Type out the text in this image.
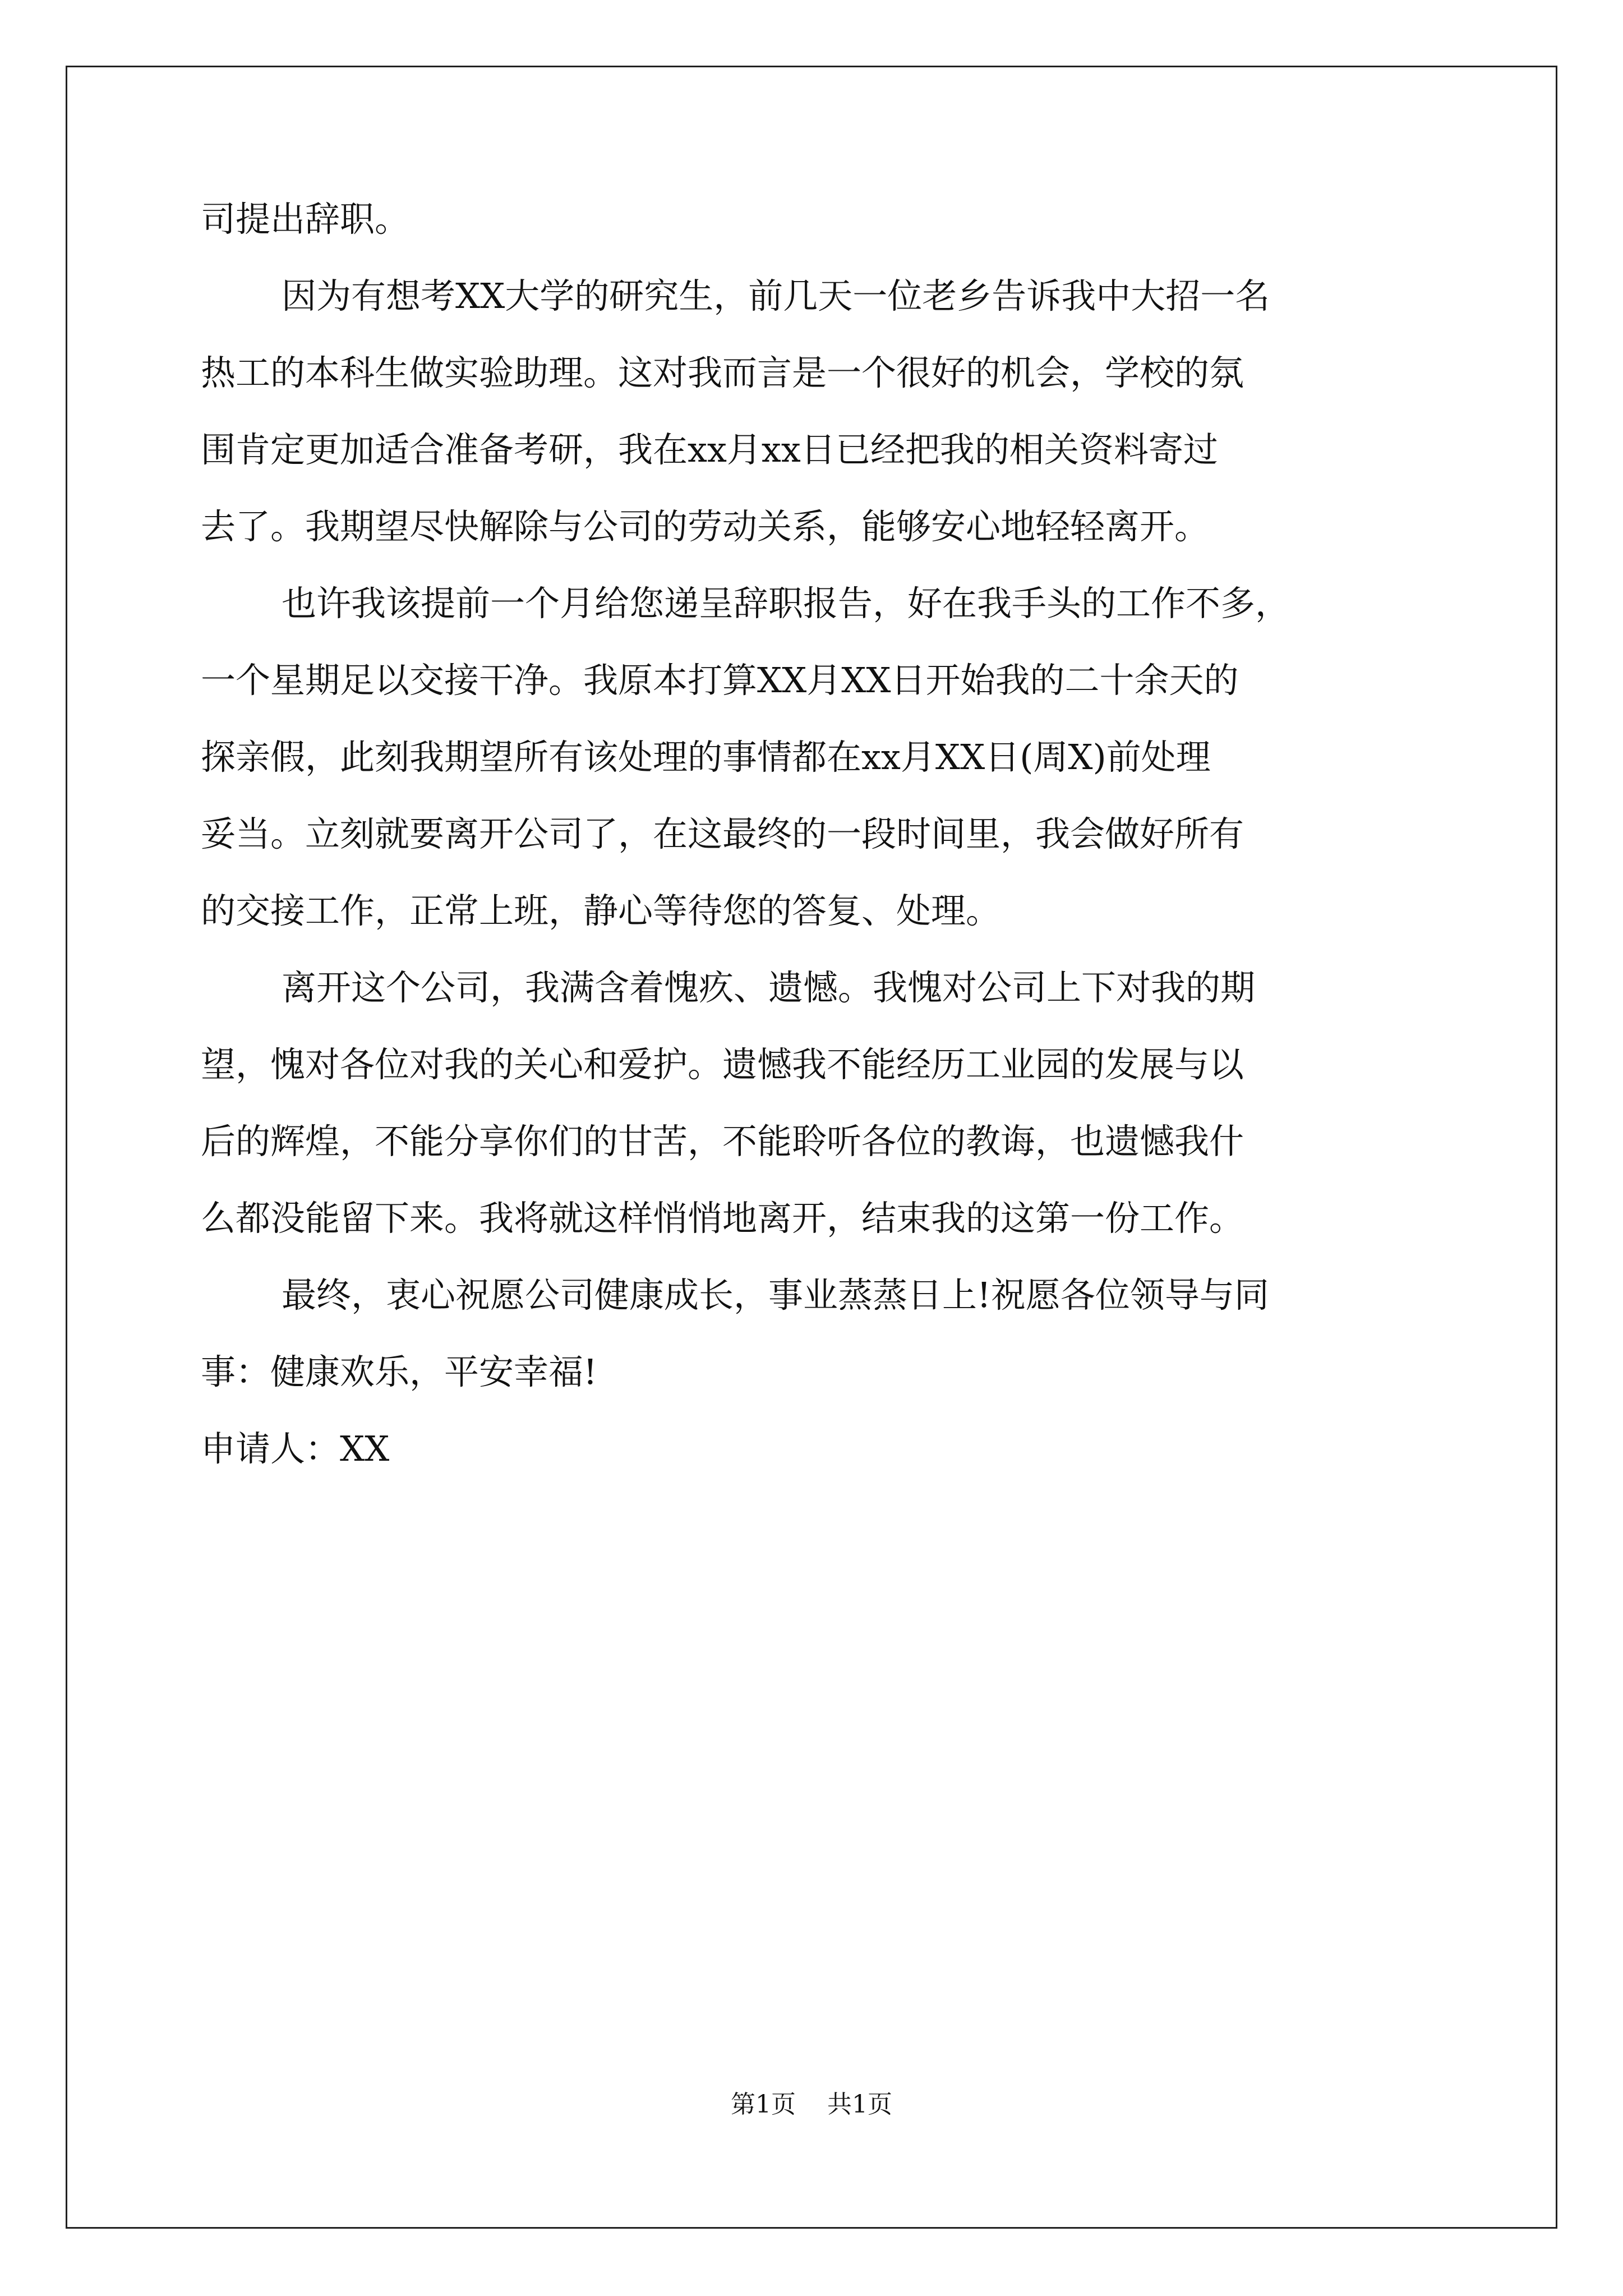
司提出辞职。
因为有想考XX大学的研究生，前几天一位老乡告诉我中大招一名
热工的本科生做实验助理。这对我而言是一个很好的机会，学校的氛
围肯定更加适合准备考研，我在xx月xx日已经把我的相关资料寄过
去了。我期望尽快解除与公司的劳动关系，能够安心地轻轻离开。
也许我该提前一个月给您递呈辞职报告，好在我手头的工作不多，
一个星期足以交接干净。我原本打算XX月XX日开始我的二十余天的
探亲假，此刻我期望所有该处理的事情都在xx月XX日(周X)前处理
妥当。立刻就要离开公司了，在这最终的一段时间里，我会做好所有
的交接工作，正常上班，静心等待您的答复、处理。
离开这个公司，我满含着愧疚、遗憾。我愧对公司上下对我的期
望，愧对各位对我的关心和爱护。遗憾我不能经历工业园的发展与以
后的辉煌，不能分享你们的甘苦，不能聆听各位的教诲，也遗憾我什
么都没能留下来。我将就这样悄悄地离开，结束我的这第一份工作。
最终，衷心祝愿公司健康成长，事业蒸蒸日上!祝愿各位领导与同
事：健康欢乐，平安幸福!
申请人：XX
第1页 共1页
